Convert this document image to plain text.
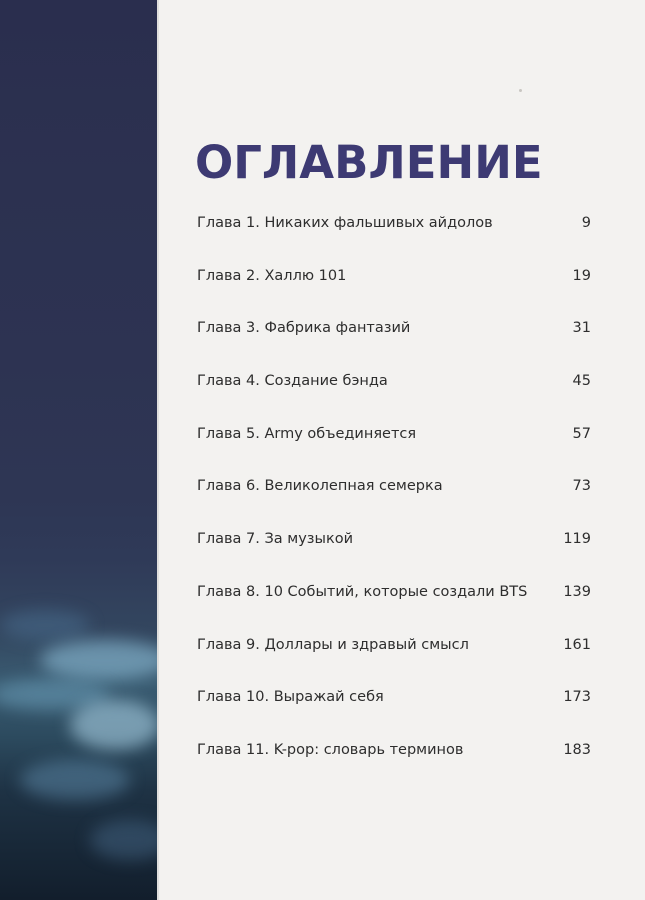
ОГЛАВЛЕНИЕ
Глава 1. Никаких фальшивых айдолов	9
Глава 2. Халлю 101	19
Глава 3. Фабрика фантазий	31
Глава 4. Создание бэнда	45
Глава 5. Army объединяется	57
Глава 6. Великолепная семерка	73
Глава 7. За музыкой	119
Глава 8. 10 Событий, которые создали BTS 139
Глава 9. Доллары и здравый смысл	161
Глава 10. Выражай себя	173
Глава 11. K-pop: словарь терминов	183
